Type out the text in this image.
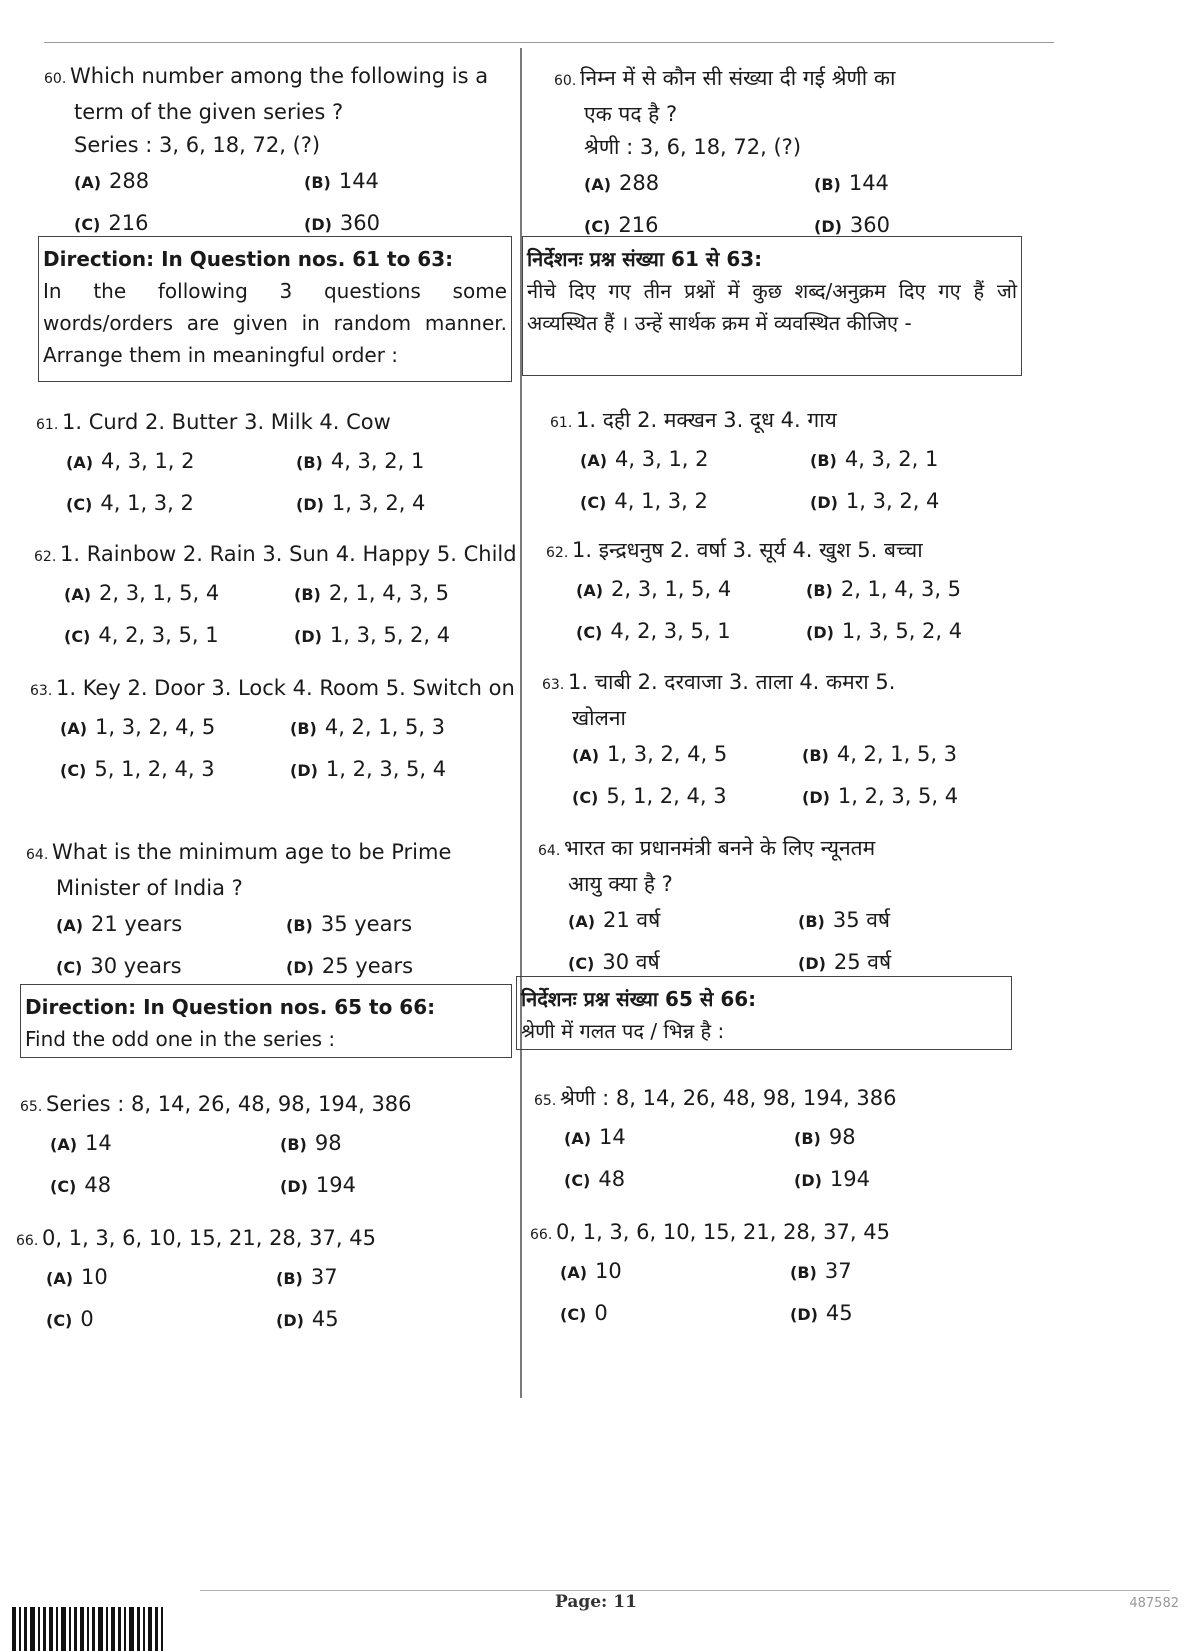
60. Which number among the following is a
term of the given series ?
Series : 3, 6, 18, 72, (?)
(A) 288	(B) 144
(C) 216	(D) 360
Direction: In Question nos. 61 to 63:
In the following 3 questions some words/orders are given in random manner. Arrange them in meaningful order :
61. 1. Curd 2. Butter 3. Milk 4. Cow
(A) 4, 3, 1, 2	(B) 4, 3, 2, 1
(C) 4, 1, 3, 2	(D) 1, 3, 2, 4
62. 1. Rainbow 2. Rain 3. Sun 4. Happy 5. Child
(A) 2, 3, 1, 5, 4	(B) 2, 1, 4, 3, 5
(C) 4, 2, 3, 5, 1	(D) 1, 3, 5, 2, 4
63. 1. Key 2. Door 3. Lock 4. Room 5. Switch on
(A) 1, 3, 2, 4, 5	(B) 4, 2, 1, 5, 3
(C) 5, 1, 2, 4, 3	(D) 1, 2, 3, 5, 4
64. What is the minimum age to be Prime
Minister of India ?
(A) 21 years	(B) 35 years
(C) 30 years	(D) 25 years
Direction: In Question nos. 65 to 66:
Find the odd one in the series :
65. Series : 8, 14, 26, 48, 98, 194, 386
(A) 14	(B) 98
(C) 48	(D) 194
66. 0, 1, 3, 6, 10, 15, 21, 28, 37, 45
(A) 10	(B) 37
(C) 0	(D) 45
60. निम्न में से कौन सी संख्या दी गई श्रेणी का
एक पद है ?
श्रेणी : 3, 6, 18, 72, (?)
(A) 288	(B) 144
(C) 216	(D) 360
निर्देशनः प्रश्न संख्या 61 से 63:
नीचे दिए गए तीन प्रश्नों में कुछ शब्द/अनुक्रम दिए गए हैं जो अव्यस्थित हैं । उन्हें सार्थक क्रम में व्यवस्थित कीजिए -
61. 1. दही 2. मक्खन 3. दूध 4. गाय
(A) 4, 3, 1, 2	(B) 4, 3, 2, 1
(C) 4, 1, 3, 2	(D) 1, 3, 2, 4
62. 1. इन्द्रधनुष 2. वर्षा 3. सूर्य 4. खुश 5. बच्चा
(A) 2, 3, 1, 5, 4	(B) 2, 1, 4, 3, 5
(C) 4, 2, 3, 5, 1	(D) 1, 3, 5, 2, 4
63. 1. चाबी 2. दरवाजा 3. ताला 4. कमरा 5.
खोलना
(A) 1, 3, 2, 4, 5	(B) 4, 2, 1, 5, 3
(C) 5, 1, 2, 4, 3	(D) 1, 2, 3, 5, 4
64. भारत का प्रधानमंत्री बनने के लिए न्यूनतम
आयु क्या है ?
(A) 21 वर्ष	(B) 35 वर्ष
(C) 30 वर्ष	(D) 25 वर्ष
निर्देशनः प्रश्न संख्या 65 से 66:
श्रेणी में गलत पद / भिन्न है :
65. श्रेणी : 8, 14, 26, 48, 98, 194, 386
(A) 14	(B) 98
(C) 48	(D) 194
66. 0, 1, 3, 6, 10, 15, 21, 28, 37, 45
(A) 10	(B) 37
(C) 0	(D) 45
Page: 11	487582
